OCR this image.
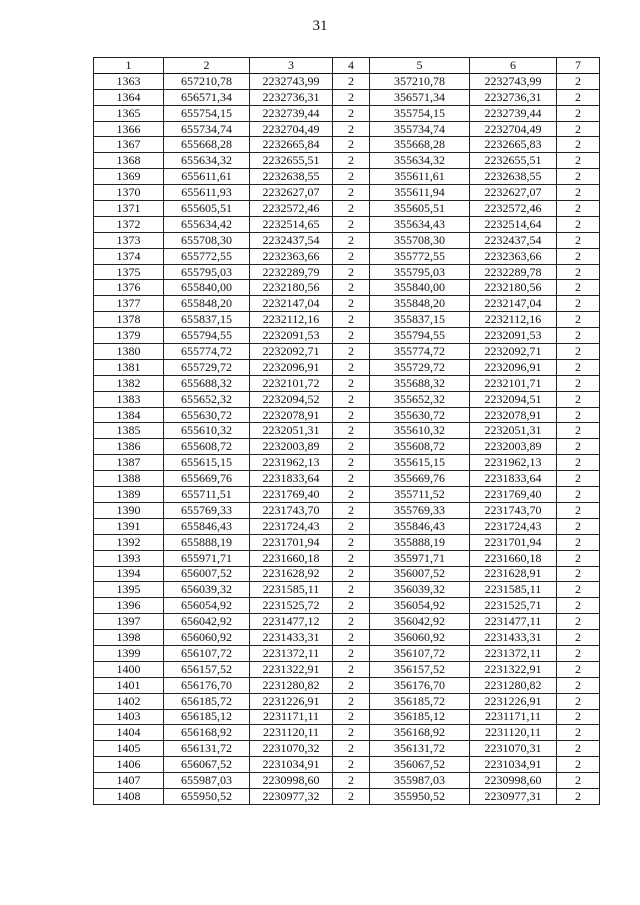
31
1	2	3	4	5	6	7
1363	657210,78	2232743,99	2	357210,78	2232743,99	2
1364	656571,34	2232736,31	2	356571,34	2232736,31	2
1365	655754,15	2232739,44	2	355754,15	2232739,44	2
1366	655734,74	2232704,49	2	355734,74	2232704,49	2
1367	655668,28	2232665,84	2	355668,28	2232665,83	2
1368	655634,32	2232655,51	2	355634,32	2232655,51	2
1369	655611,61	2232638,55	2	355611,61	2232638,55	2
1370	655611,93	2232627,07	2	355611,94	2232627,07	2
1371	655605,51	2232572,46	2	355605,51	2232572,46	2
1372	655634,42	2232514,65	2	355634,43	2232514,64	2
1373	655708,30	2232437,54	2	355708,30	2232437,54	2
1374	655772,55	2232363,66	2	355772,55	2232363,66	2
1375	655795,03	2232289,79	2	355795,03	2232289,78	2
1376	655840,00	2232180,56	2	355840,00	2232180,56	2
1377	655848,20	2232147,04	2	355848,20	2232147,04	2
1378	655837,15	2232112,16	2	355837,15	2232112,16	2
1379	655794,55	2232091,53	2	355794,55	2232091,53	2
1380	655774,72	2232092,71	2	355774,72	2232092,71	2
1381	655729,72	2232096,91	2	355729,72	2232096,91	2
1382	655688,32	2232101,72	2	355688,32	2232101,71	2
1383	655652,32	2232094,52	2	355652,32	2232094,51	2
1384	655630,72	2232078,91	2	355630,72	2232078,91	2
1385	655610,32	2232051,31	2	355610,32	2232051,31	2
1386	655608,72	2232003,89	2	355608,72	2232003,89	2
1387	655615,15	2231962,13	2	355615,15	2231962,13	2
1388	655669,76	2231833,64	2	355669,76	2231833,64	2
1389	655711,51	2231769,40	2	355711,52	2231769,40	2
1390	655769,33	2231743,70	2	355769,33	2231743,70	2
1391	655846,43	2231724,43	2	355846,43	2231724,43	2
1392	655888,19	2231701,94	2	355888,19	2231701,94	2
1393	655971,71	2231660,18	2	355971,71	2231660,18	2
1394	656007,52	2231628,92	2	356007,52	2231628,91	2
1395	656039,32	2231585,11	2	356039,32	2231585,11	2
1396	656054,92	2231525,72	2	356054,92	2231525,71	2
1397	656042,92	2231477,12	2	356042,92	2231477,11	2
1398	656060,92	2231433,31	2	356060,92	2231433,31	2
1399	656107,72	2231372,11	2	356107,72	2231372,11	2
1400	656157,52	2231322,91	2	356157,52	2231322,91	2
1401	656176,70	2231280,82	2	356176,70	2231280,82	2
1402	656185,72	2231226,91	2	356185,72	2231226,91	2
1403	656185,12	2231171,11	2	356185,12	2231171,11	2
1404	656168,92	2231120,11	2	356168,92	2231120,11	2
1405	656131,72	2231070,32	2	356131,72	2231070,31	2
1406	656067,52	2231034,91	2	356067,52	2231034,91	2
1407	655987,03	2230998,60	2	355987,03	2230998,60	2
1408	655950,52	2230977,32	2	355950,52	2230977,31	2
